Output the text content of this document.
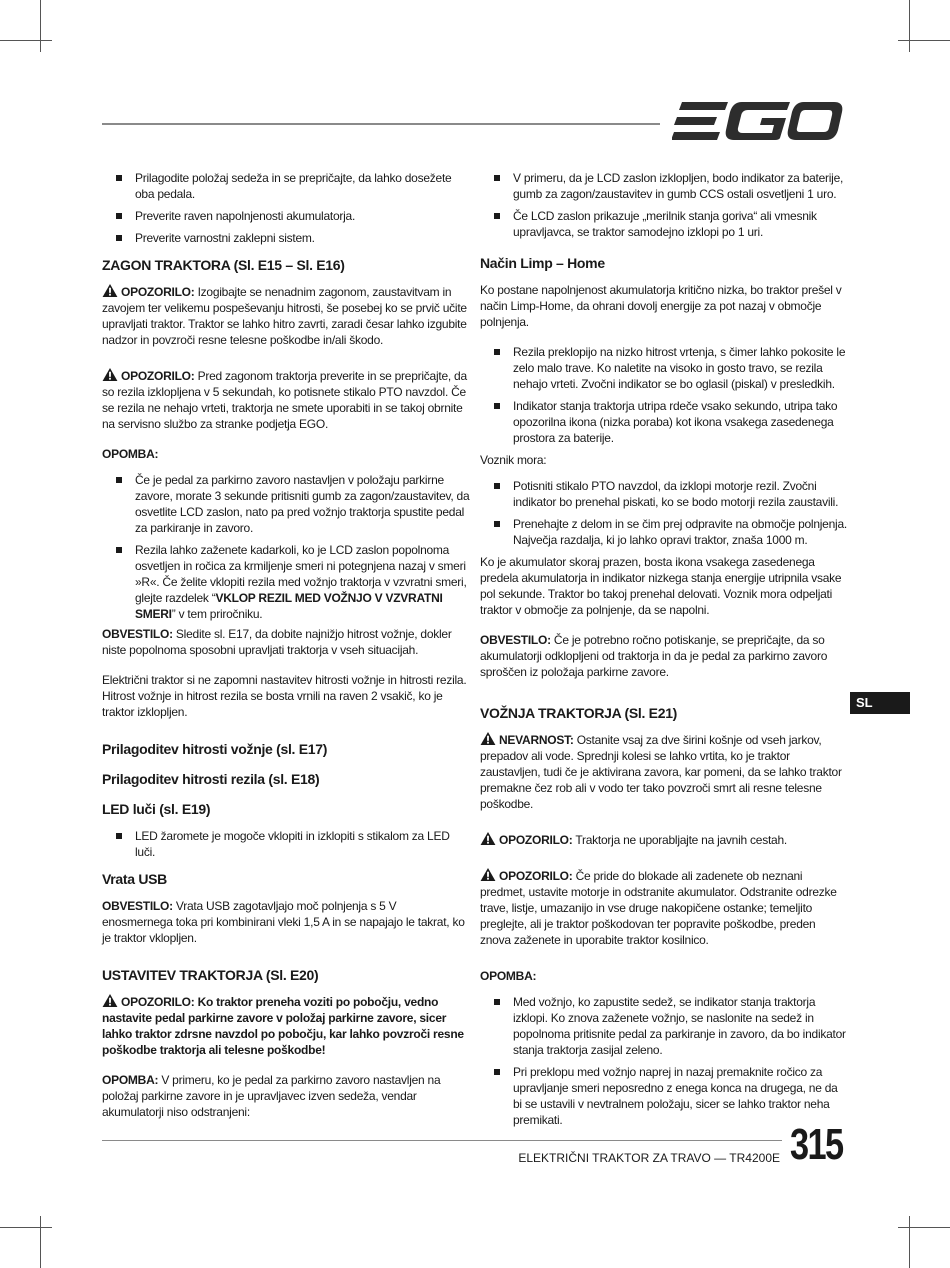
Prilagodite položaj sedeža in se prepričajte, da lahko dosežete oba pedala.
Preverite raven napolnjenosti akumulatorja.
Preverite varnostni zaklepni sistem.
ZAGON TRAKTORA (Sl. E15 – Sl. E16)

OPOZORILO: Izogibajte se nenadnim zagonom, zaustavitvam in zavojem ter velikemu pospeševanju hitrosti, še posebej ko se prvič učite upravljati traktor. Traktor se lahko hitro zavrti, zaradi česar lahko izgubite nadzor in povzroči resne telesne poškodbe in/ali škodo.

OPOZORILO: Pred zagonom traktorja preverite in se prepričajte, da so rezila izklopljena v 5 sekundah, ko potisnete stikalo PTO navzdol. Če se rezila ne nehajo vrteti, traktorja ne smete uporabiti in se takoj obrnite na servisno službo za stranke podjetja EGO.

OPOMBA:

Če je pedal za parkirno zavoro nastavljen v položaju parkirne zavore, morate 3 sekunde pritisniti gumb za zagon/zaustavitev, da osvetlite LCD zaslon, nato pa pred vožnjo traktorja spustite pedal za parkiranje in zavoro.
Rezila lahko zaženete kadarkoli, ko je LCD zaslon popolnoma osvetljen in ročica za krmiljenje smeri ni potegnjena nazaj v smeri »R«. Če želite vklopiti rezila med vožnjo traktorja v vzvratni smeri, glejte razdelek “VKLOP REZIL MED VOŽNJO V VZVRATNI SMERI” v tem priročniku.

OBVESTILO: Sledite sl. E17, da dobite najnižjo hitrost vožnje, dokler niste popolnoma sposobni upravljati traktorja v vseh situacijah.

Električni traktor si ne zapomni nastavitev hitrosti vožnje in hitrosti rezila. Hitrost vožnje in hitrost rezila se bosta vrnili na raven 2 vsakič, ko je traktor izklopljen.

Prilagoditev hitrosti vožnje (sl. E17)
Prilagoditev hitrosti rezila (sl. E18)
LED luči (sl. E19)
LED žaromete je mogoče vklopiti in izklopiti s stikalom za LED luči.
Vrata USB

OBVESTILO: Vrata USB zagotavljajo moč polnjenja s 5 V enosmernega toka pri kombinirani vleki 1,5 A in se napajajo le takrat, ko je traktor vklopljen.

USTAVITEV TRAKTORJA (Sl. E20)

OPOZORILO: Ko traktor preneha voziti po pobočju, vedno nastavite pedal parkirne zavore v položaj parkirne zavore, sicer lahko traktor zdrsne navzdol po pobočju, kar lahko povzroči resne poškodbe traktorja ali telesne poškodbe!

OPOMBA: V primeru, ko je pedal za parkirno zavoro nastavljen na položaj parkirne zavore in je upravljavec izven sedeža, vendar akumulatorji niso odstranjeni:

V primeru, da je LCD zaslon izklopljen, bodo indikator za baterije, gumb za zagon/zaustavitev in gumb CCS ostali osvetljeni 1 uro.
Če LCD zaslon prikazuje „merilnik stanja goriva“ ali vmesnik upravljavca, se traktor samodejno izklopi po 1 uri.
Način Limp – Home

Ko postane napolnjenost akumulatorja kritično nizka, bo traktor prešel v način Limp-Home, da ohrani dovolj energije za pot nazaj v območje polnjenja.

Rezila preklopijo na nizko hitrost vrtenja, s čimer lahko pokosite le zelo malo trave. Ko naletite na visoko in gosto travo, se rezila nehajo vrteti. Zvočni indikator se bo oglasil (piskal) v presledkih.
Indikator stanja traktorja utripa rdeče vsako sekundo, utripa tako opozorilna ikona (nizka poraba) kot ikona vsakega zasedenega prostora za baterije.

Voznik mora:

Potisniti stikalo PTO navzdol, da izklopi motorje rezil. Zvočni indikator bo prenehal piskati, ko se bodo motorji rezila zaustavili.
Prenehajte z delom in se čim prej odpravite na območje polnjenja. Največja razdalja, ki jo lahko opravi traktor, znaša 1000 m.

Ko je akumulator skoraj prazen, bosta ikona vsakega zasedenega predela akumulatorja in indikator nizkega stanja energije utripnila vsake pol sekunde. Traktor bo takoj prenehal delovati. Voznik mora odpeljati traktor v območje za polnjenje, da se napolni.

OBVESTILO: Če je potrebno ročno potiskanje, se prepričajte, da so akumulatorji odklopljeni od traktorja in da je pedal za parkirno zavoro sproščen iz položaja parkirne zavore.

VOŽNJA TRAKTORJA (Sl. E21)

NEVARNOST: Ostanite vsaj za dve širini košnje od vseh jarkov, prepadov ali vode. Sprednji kolesi se lahko vrtita, ko je traktor zaustavljen, tudi če je aktivirana zavora, kar pomeni, da se lahko traktor premakne čez rob ali v vodo ter tako povzroči smrt ali resne telesne poškodbe.

OPOZORILO: Traktorja ne uporabljajte na javnih cestah.

OPOZORILO: Če pride do blokade ali zadenete ob neznani predmet, ustavite motorje in odstranite akumulator. Odstranite odrezke trave, listje, umazanijo in vse druge nakopičene ostanke; temeljito preglejte, ali je traktor poškodovan ter popravite poškodbe, preden znova zaženete in uporabite traktor kosilnico.

OPOMBA:

Med vožnjo, ko zapustite sedež, se indikator stanja traktorja izklopi. Ko znova zaženete vožnjo, se naslonite na sedež in popolnoma pritisnite pedal za parkiranje in zavoro, da bo indikator stanja traktorja zasijal zeleno.
Pri preklopu med vožnjo naprej in nazaj premaknite ročico za upravljanje smeri neposredno z enega konca na drugega, ne da bi se ustavili v nevtralnem položaju, sicer se lahko traktor neha premikati.
SL
ELEKTRIČNI TRAKTOR ZA TRAVO — TR4200E 315
